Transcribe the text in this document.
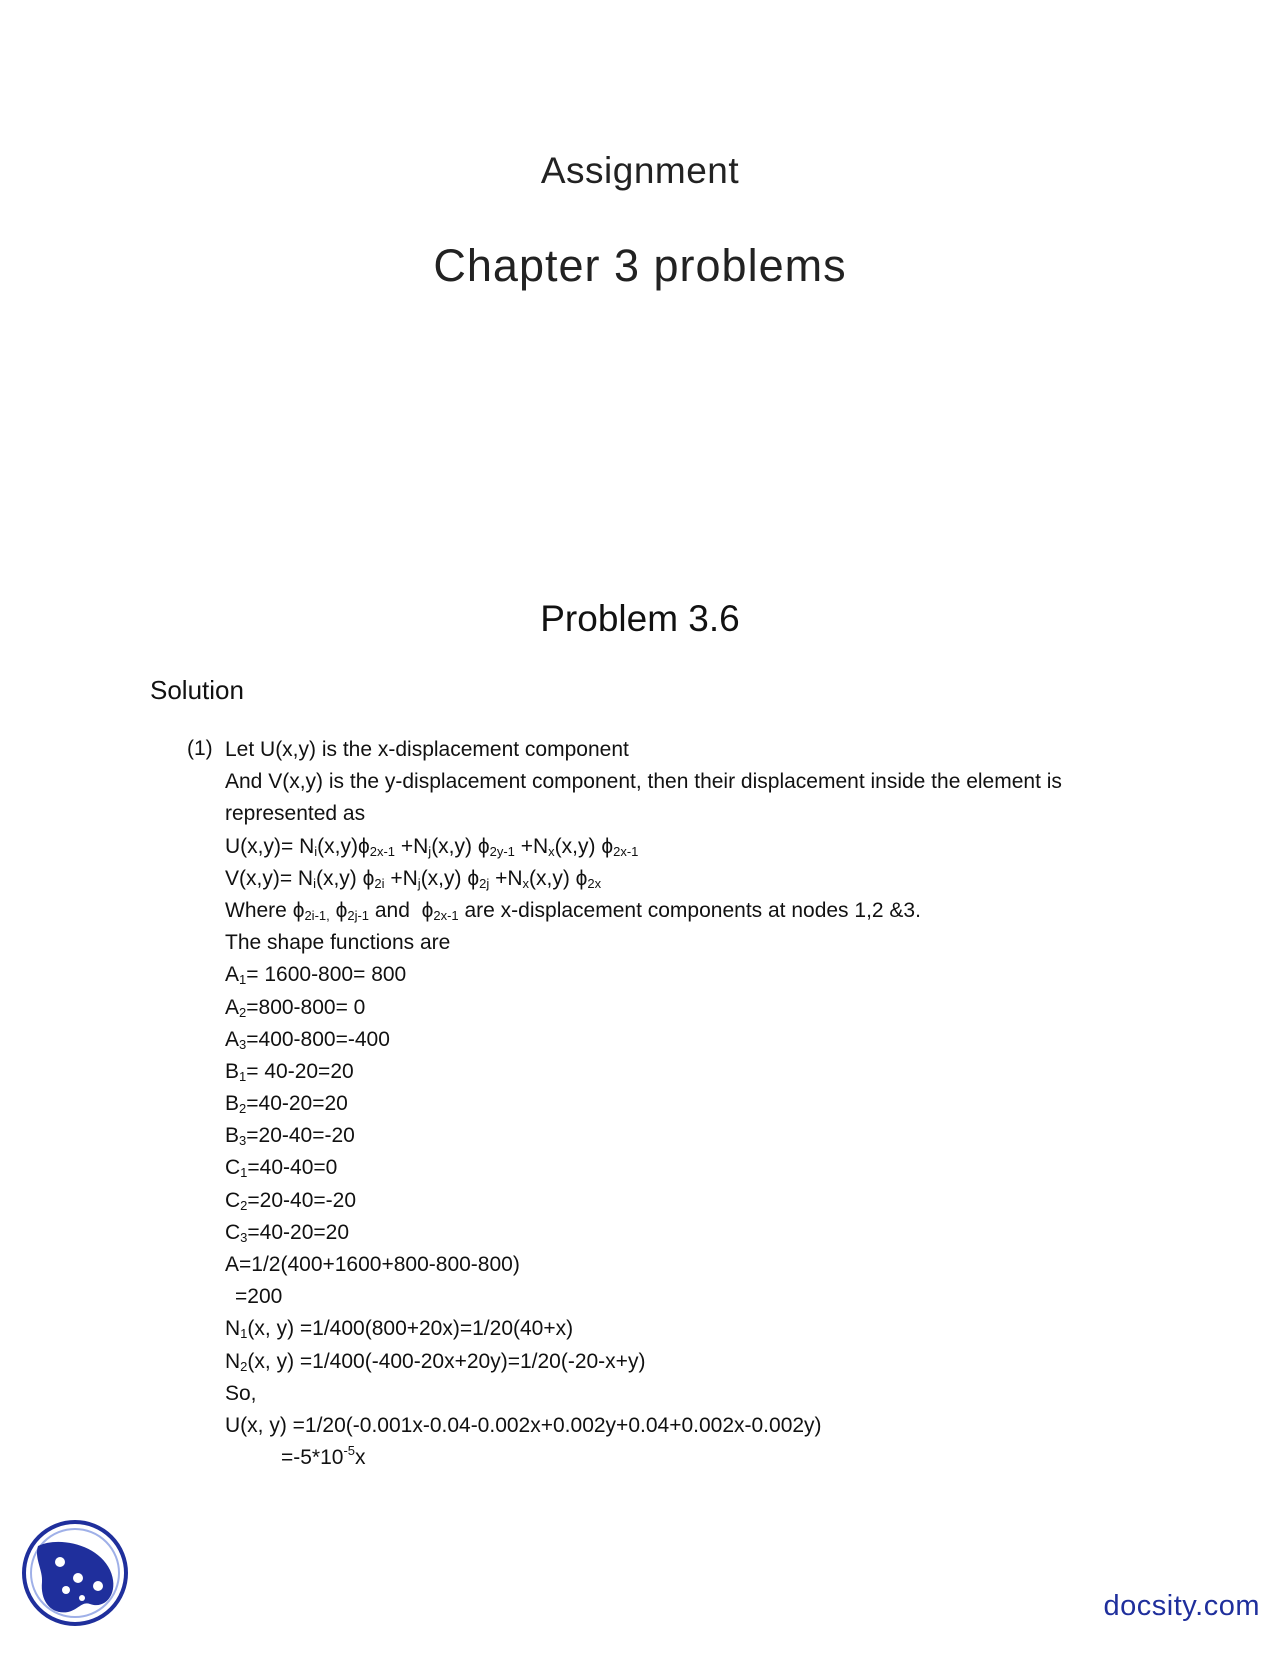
Assignment
Chapter 3 problems
Problem 3.6
Solution
(1) Let U(x,y) is the x-displacement component
And V(x,y) is the y-displacement component, then their displacement inside the element is
represented as
$U(x,y)= N_i(x,y)\phi_{2x-1} +N_j(x,y)$ $\phi_{2y-1} +N_x(x,y)$ $\phi_{2x-1}$
$V(x,y)= N_i(x,y)$ $\phi_{2i} +N_j(x,y)$ $\phi_{2j} +N_x(x,y)$ $\phi_{2x}$
Where $\phi_{2i-1,}$ $\phi_{2j-1}$ and  $\phi_{2x-1}$ are x-displacement components at nodes 1,2 &3.
The shape functions are
$A_1= 1600-800= 800$
$A_2=800-800= 0$
$A_3=400-800=-400$
$B_1= 40-20=20$
$B_2=40-20=20$
$B_3=20-40=-20$
$C_1=40-40=0$
$C_2=20-40=-20$
$C_3=40-20=20$
A=1/2(400+1600+800-800-800)
=200
$N_1(x$, y) =1/400(800+20x)=1/20(40+x)
$N_2(x$, y) =1/400(-400-20x+20y)=1/20(-20-x+y)
So,
U(x, y) =1/20(-0.001x-0.04-0.002x+0.002y+0.04+0.002x-0.002y)
$=-5*10^{-5}x$
docsity.com
